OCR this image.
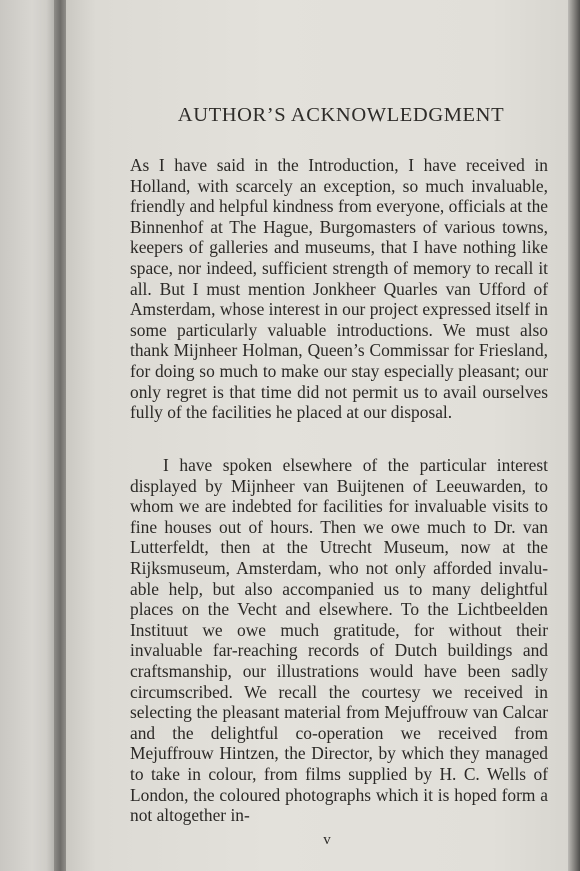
AUTHOR’S ACKNOWLEDGMENT

As I have said in the Introduction, I have received in Holland, with scarcely an exception, so much invaluable, friendly and helpful kindness from everyone, officials at the Binnenhof at The Hague, Burgomasters of various towns, keepers of galleries and museums, that I have nothing like space, nor indeed, sufficient strength of memory to recall it all. But I must mention Jonkheer Quarles van Ufford of Amsterdam, whose interest in our project expressed itself in some particularly valuable introductions. We must also thank Mijnheer Holman, Queen’s Commissar for Friesland, for doing so much to make our stay especially pleasant; our only regret is that time did not permit us to avail ourselves fully of the facilities he placed at our disposal.

I have spoken elsewhere of the particular interest displayed by Mijnheer van Buijtenen of Leeuwarden, to whom we are indebted for facilities for invaluable visits to fine houses out of hours. Then we owe much to Dr. van Lutterfeldt, then at the Utrecht Museum, now at the Rijksmuseum, Amsterdam, who not only afforded invalu- able help, but also accompanied us to many delightful places on the Vecht and elsewhere. To the Lichtbeelden Instituut we owe much gratitude, for without their invaluable far-reaching records of Dutch buildings and craftsmanship, our illustrations would have been sadly circumscribed. We recall the courtesy we received in selecting the pleasant material from Mejuffrouw van Calcar and the delightful co-operation we received from Mejuffrouw Hintzen, the Director, by which they managed to take in colour, from films supplied by H. C. Wells of London, the coloured photographs which it is hoped form a not altogether in-

v
